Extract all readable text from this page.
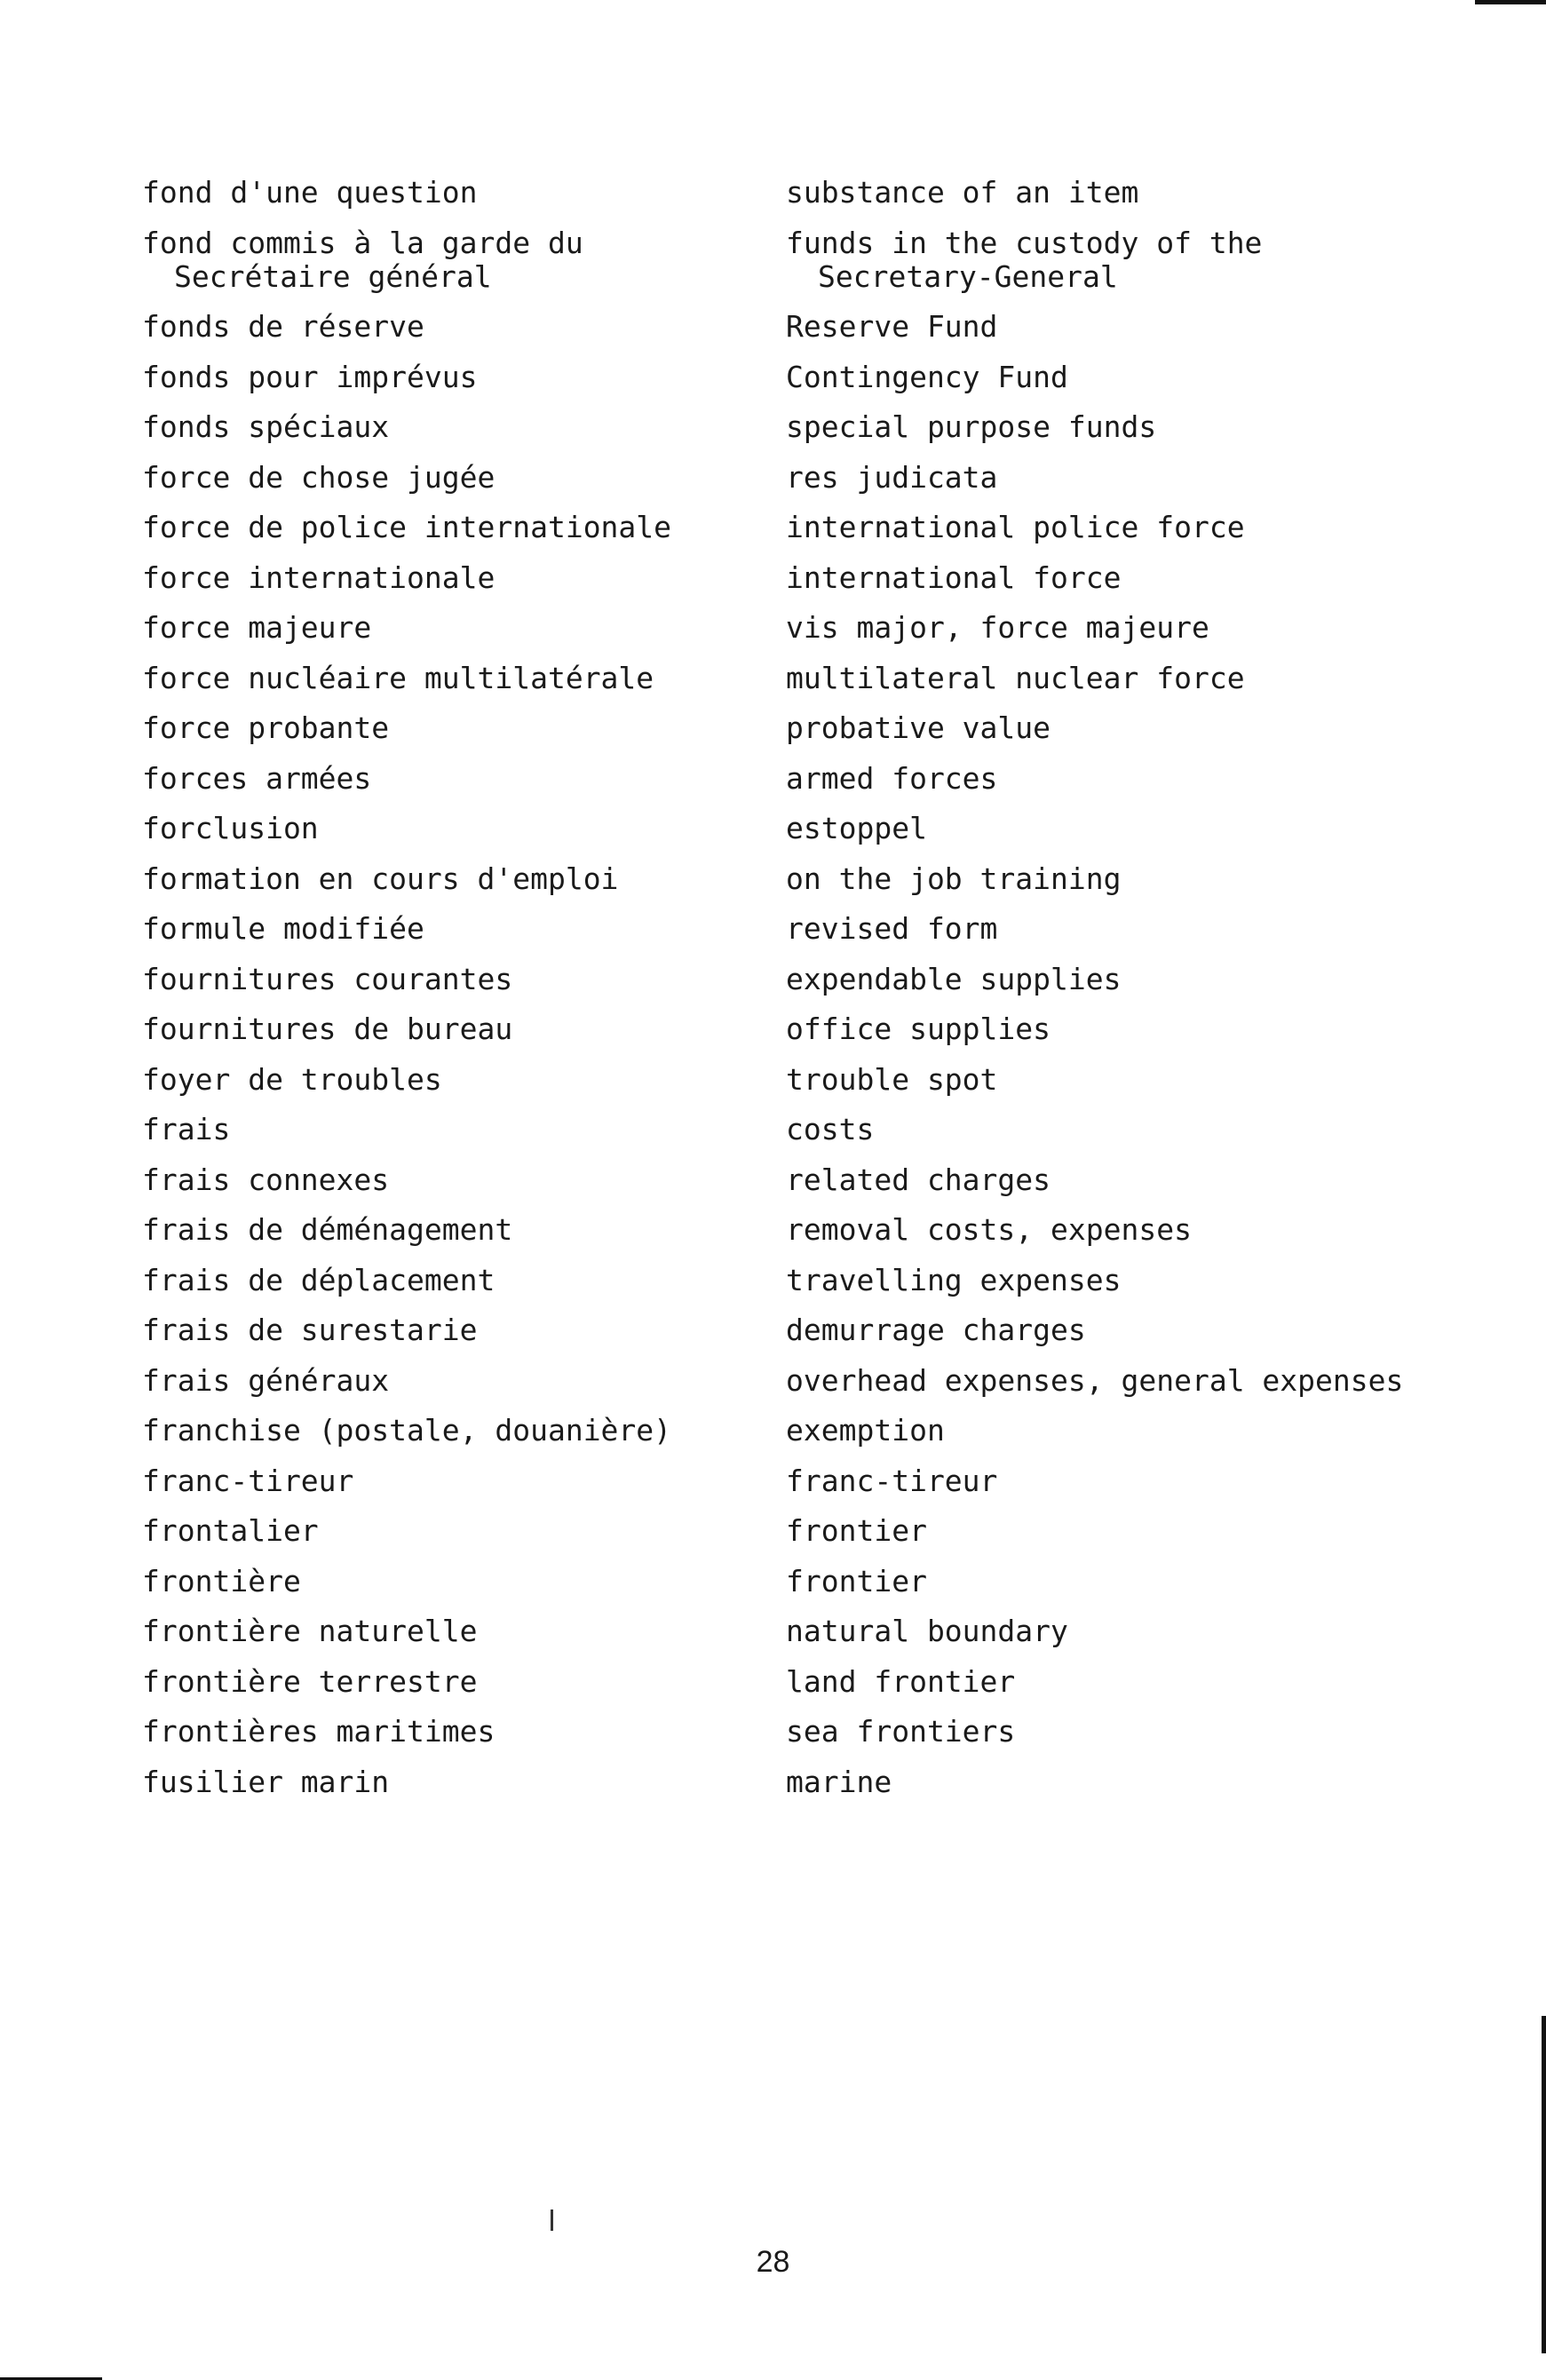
fond d'une question
fond commis à la garde du
Secrétaire général
fonds de réserve
fonds pour imprévus
fonds spéciaux
force de chose jugée
force de police internationale
force internationale
force majeure
force nucléaire multilatérale
force probante
forces armées
forclusion
formation en cours d'emploi
formule modifiée
fournitures courantes
fournitures de bureau
foyer de troubles
frais
frais connexes
frais de déménagement
frais de déplacement
frais de surestarie
frais généraux
franchise (postale, douanière)
franc-tireur
frontalier
frontière
frontière naturelle
frontière terrestre
frontières maritimes
fusilier marin
substance of an item
funds in the custody of the
Secretary-General
Reserve Fund
Contingency Fund
special purpose funds
res judicata
international police force
international force
vis major, force majeure
multilateral nuclear force
probative value
armed forces
estoppel
on the job training
revised form
expendable supplies
office supplies
trouble spot
costs
related charges
removal costs, expenses
travelling expenses
demurrage charges
overhead expenses, general expenses
exemption
franc-tireur
frontier
frontier
natural boundary
land frontier
sea frontiers
marine
28
